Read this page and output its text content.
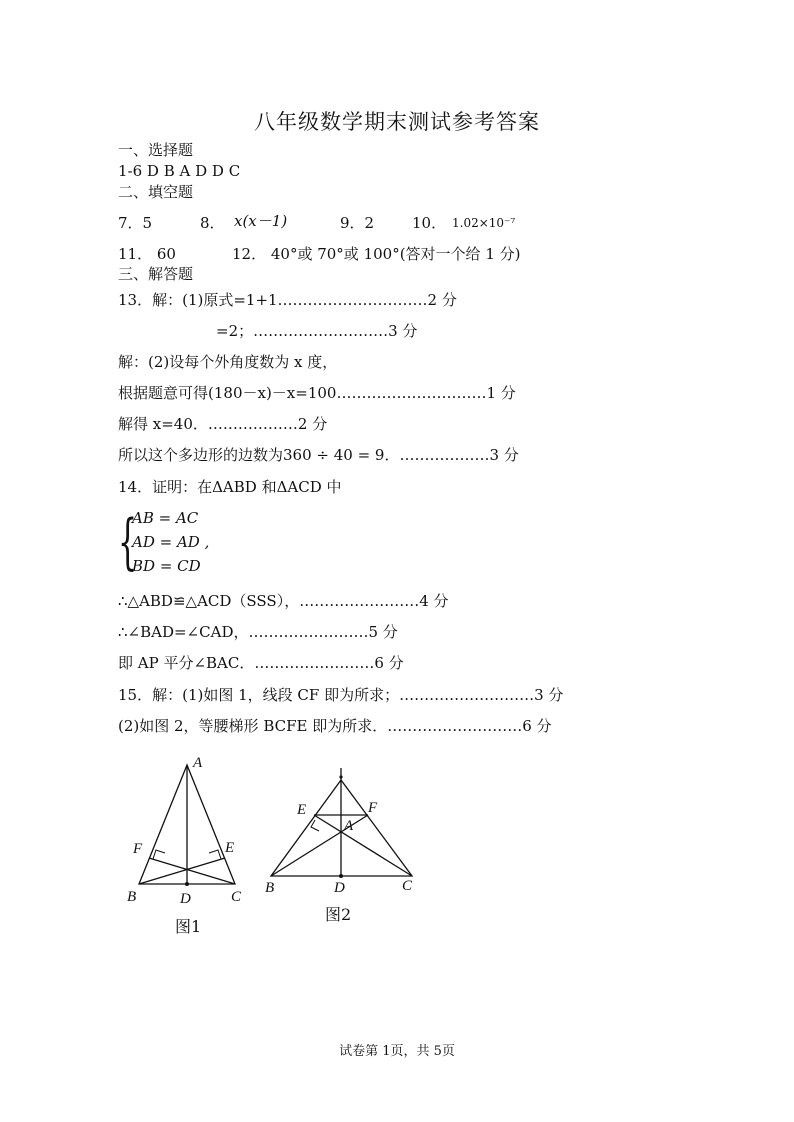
八年级数学期末测试参考答案
一、选择题
1-6 D B A D D C
二、填空题
7．5	8． x(x－1)	9．2	10． 1.02×10⁻⁷
11． 60	12． 40°或 70°或 100°(答对一个给 1 分)
三、解答题
13．解：(1)原式=1+1…………………………2 分
=2；………………………3 分
解：(2)设每个外角度数为 x 度，
根据题意可得(180－x)－x=100…………………………1 分
解得 x=40．………………2 分
所以这个多边形的边数为360 ÷ 40 = 9．………………3 分
14．证明：在ΔABD 和ΔACD 中
{
AB = AC
AD = AD ,
BD = CD
∴△ABD≌△ACD（SSS），……………………4 分
∴∠BAD=∠CAD，……………………5 分
即 AP 平分∠BAC．……………………6 分
15．解：(1)如图 1，线段 CF 即为所求；………………………3 分
(2)如图 2，等腰梯形 BCFE 即为所求．………………………6 分
A
B	C
D
E
F
图1
A
B	C
D
E	F
图2
试卷第 1页，共 5页
